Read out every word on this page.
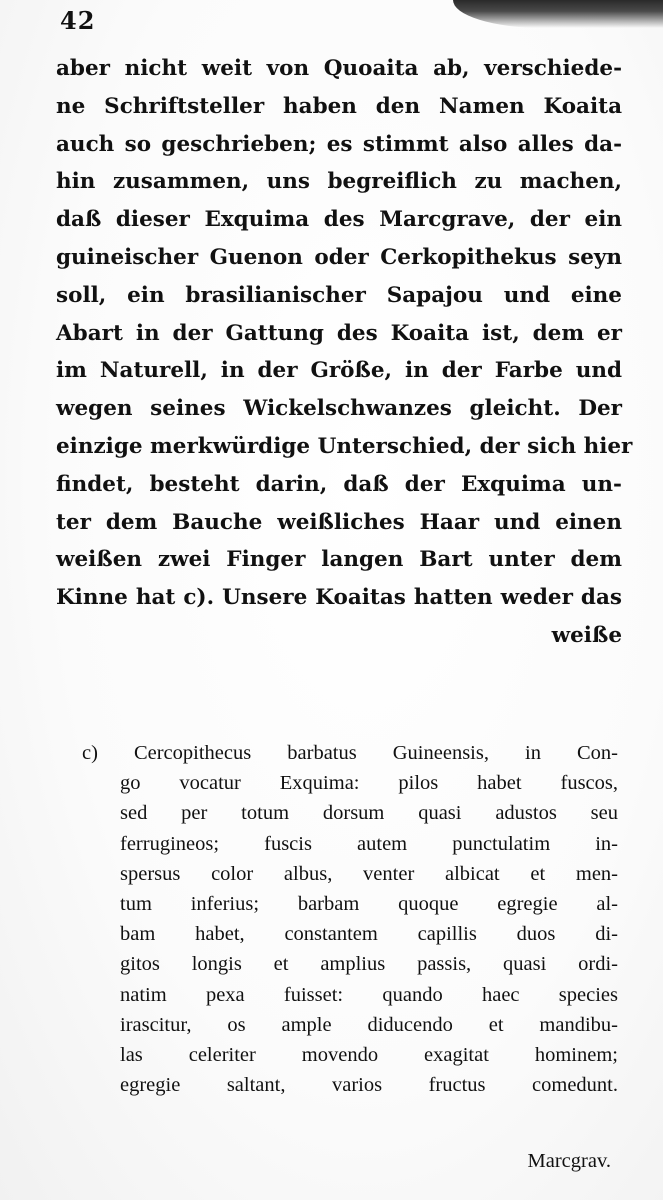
42
aber nicht weit von Quoaita ab, verschiede-
ne Schriftsteller haben den Namen Koaita
auch so geschrieben; es stimmt also alles da-
hin zusammen, uns begreiflich zu machen,
daß dieser Exquima des Marcgrave, der ein
guineischer Guenon oder Cerkopithekus seyn
soll, ein brasilianischer Sapajou und eine
Abart in der Gattung des Koaita ist, dem er
im Naturell, in der Größe, in der Farbe und
wegen seines Wickelschwanzes gleicht. Der
einzige merkwürdige Unterschied, der sich hier
findet, besteht darin, daß der Exquima un-
ter dem Bauche weißliches Haar und einen
weißen zwei Finger langen Bart unter dem
Kinne hat c). Unsere Koaitas hatten weder das
weiße
c) Cercopithecus barbatus Guineensis, in Con-
go vocatur Exquima: pilos habet fuscos,
sed per totum dorsum quasi adustos seu
ferrugineos; fuscis autem punctulatim in-
spersus color albus, venter albicat et men-
tum inferius; barbam quoque egregie al-
bam habet, constantem capillis duos di-
gitos longis et amplius passis, quasi ordi-
natim pexa fuisset: quando haec species
irascitur, os ample diducendo et mandibu-
las celeriter movendo exagitat hominem;
egregie saltant, varios fructus comedunt.
Marcgrav.
